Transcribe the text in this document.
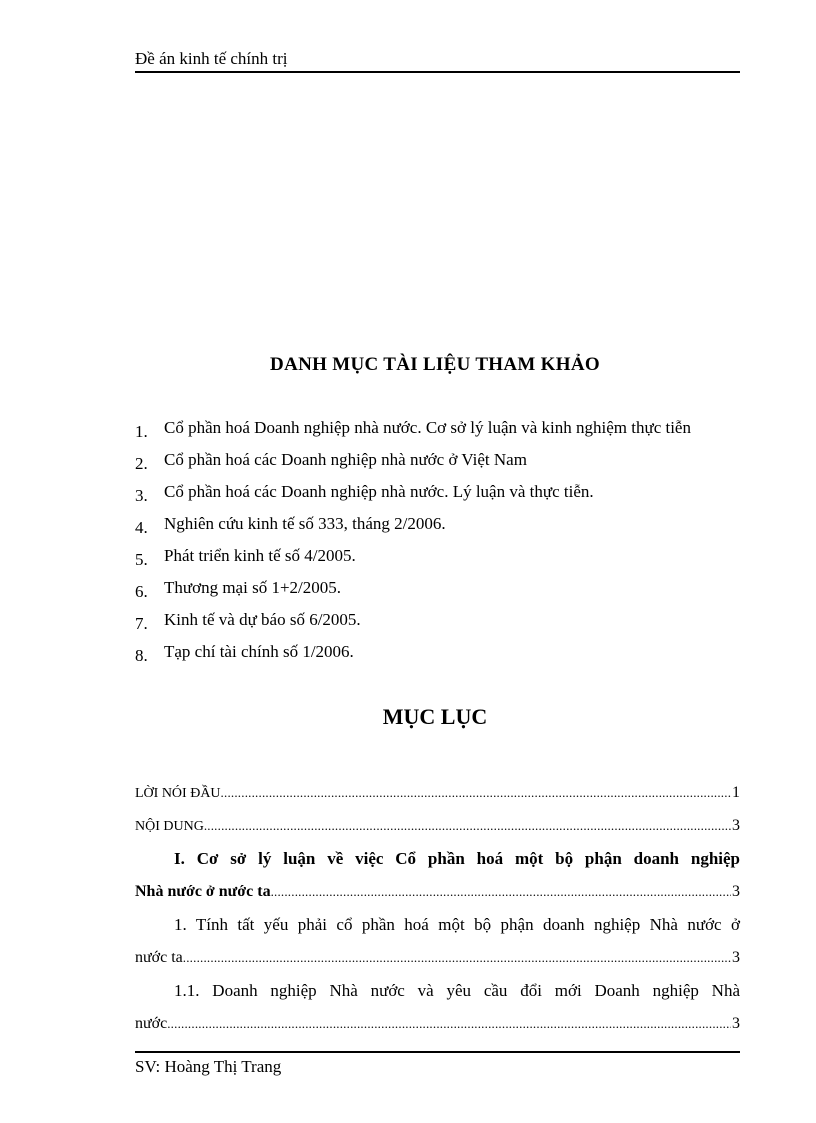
Đề án kinh tế chính trị
DANH MỤC TÀI LIỆU THAM KHẢO
1. Cổ phần hoá Doanh nghiệp nhà nước. Cơ sở lý luận và kinh nghiệm thực tiễn
2. Cổ phần hoá các Doanh nghiệp nhà nước ở Việt Nam
3. Cổ phần hoá các Doanh nghiệp nhà nước. Lý luận và thực tiễn.
4. Nghiên cứu kinh tế số 333, tháng 2/2006.
5. Phát triển kinh tế số 4/2005.
6. Thương mại số 1+2/2005.
7. Kinh tế và dự báo số 6/2005.
8. Tạp chí tài chính số 1/2006.
MỤC LỤC
LỜI NÓI ĐẦU .....	1
NỘI DUNG .....	3
I. Cơ sở lý luận về việc Cổ phần hoá một bộ phận doanh nghiệp
Nhà nước ở nước ta .....	3
1. Tính tất yếu phải cổ phần hoá một bộ phận doanh nghiệp Nhà nước ở
nước ta .....	3
1.1. Doanh nghiệp Nhà nước và yêu cầu đổi mới Doanh nghiệp Nhà
nước .....	3
SV: Hoàng Thị Trang
